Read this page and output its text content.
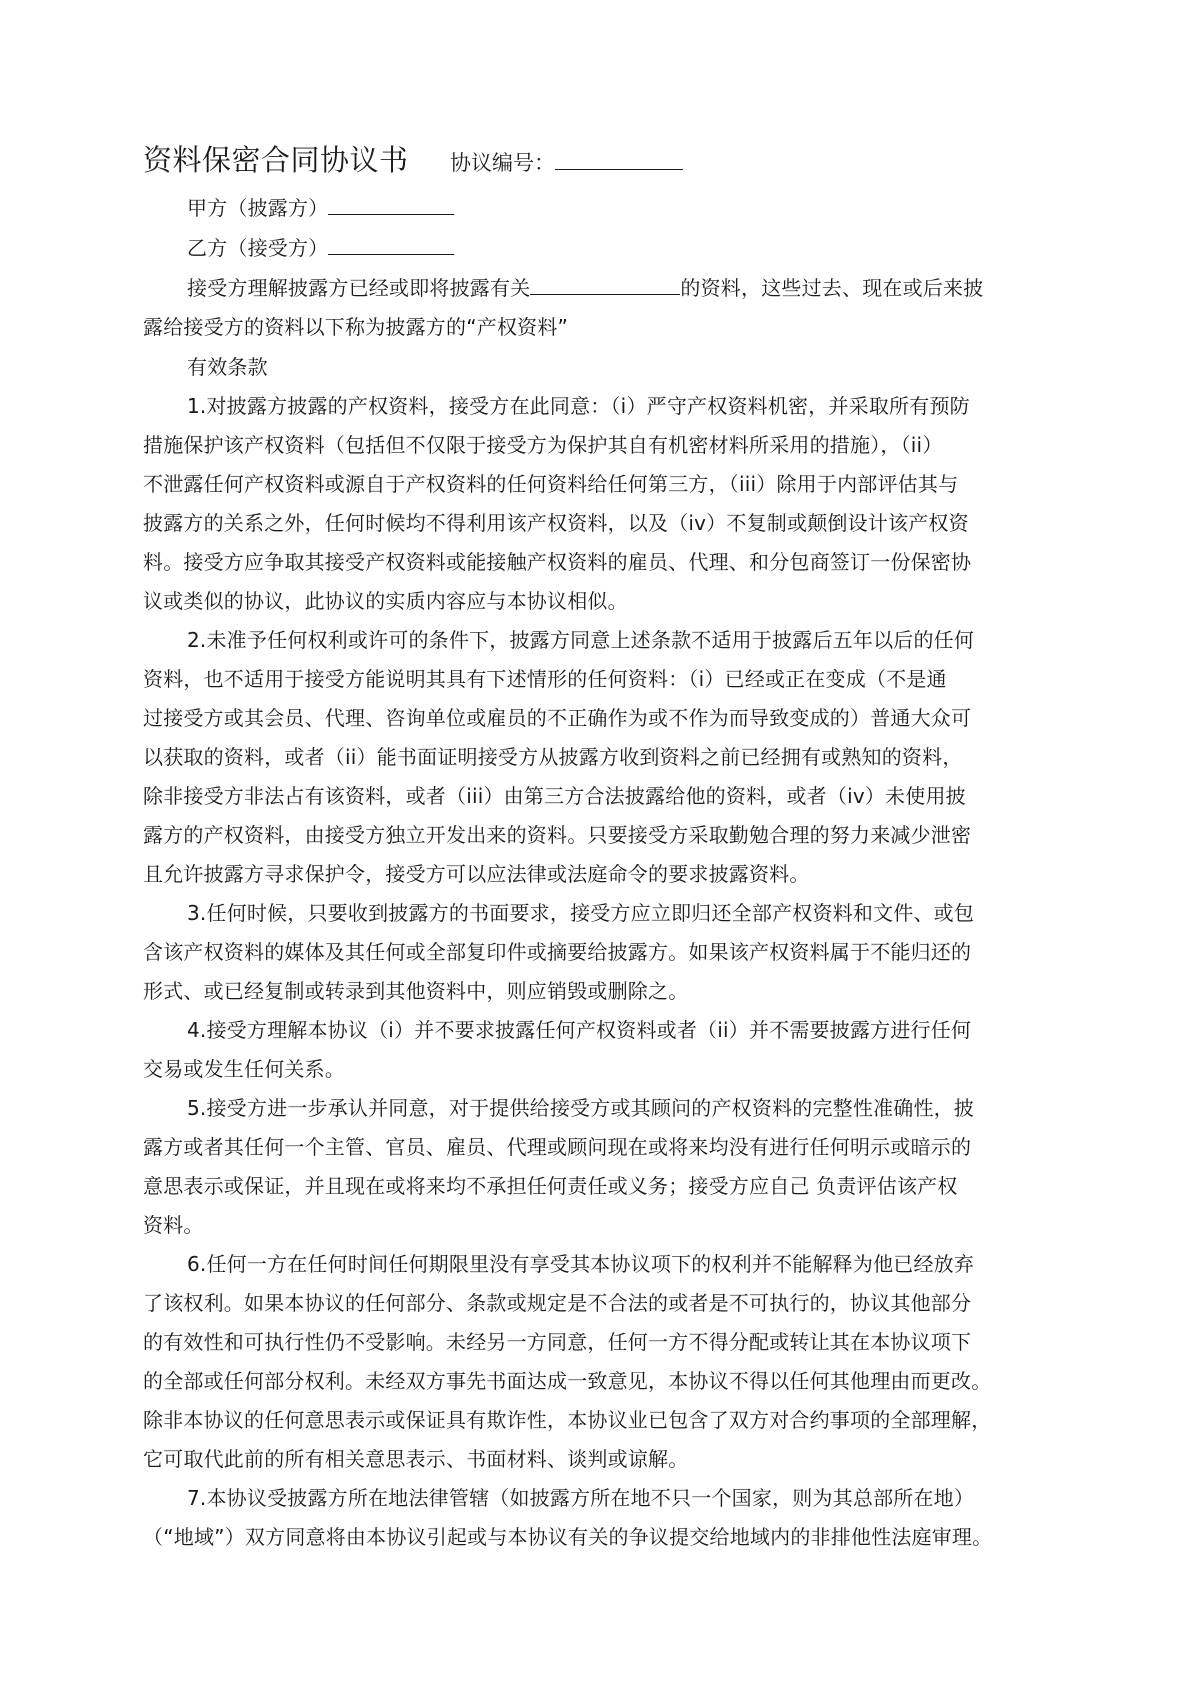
资料保密合同协议书 协议编号：
甲方（披露方）
乙方（接受方）
接受方理解披露方已经或即将披露有关	的资料，这些过去、现在或后来披
露给接受方的资料以下称为披露方的“产权资料”
有效条款
1.对披露方披露的产权资料，接受方在此同意：（i）严守产权资料机密，并采取所有预防
措施保护该产权资料（包括但不仅限于接受方为保护其自有机密材料所采用的措施），（ii）
不泄露任何产权资料或源自于产权资料的任何资料给任何第三方，（iii）除用于内部评估其与
披露方的关系之外，任何时候均不得利用该产权资料，以及（iv）不复制或颠倒设计该产权资
料。接受方应争取其接受产权资料或能接触产权资料的雇员、代理、和分包商签订一份保密协
议或类似的协议，此协议的实质内容应与本协议相似。
2.未准予任何权利或许可的条件下，披露方同意上述条款不适用于披露后五年以后的任何
资料，也不适用于接受方能说明其具有下述情形的任何资料：（i）已经或正在变成（不是通
过接受方或其会员、代理、咨询单位或雇员的不正确作为或不作为而导致变成的）普通大众可
以获取的资料，或者（ii）能书面证明接受方从披露方收到资料之前已经拥有或熟知的资料，
除非接受方非法占有该资料，或者（iii）由第三方合法披露给他的资料，或者（iv）未使用披
露方的产权资料，由接受方独立开发出来的资料。只要接受方采取勤勉合理的努力来减少泄密
且允许披露方寻求保护令，接受方可以应法律或法庭命令的要求披露资料。
3.任何时候，只要收到披露方的书面要求，接受方应立即归还全部产权资料和文件、或包
含该产权资料的媒体及其任何或全部复印件或摘要给披露方。如果该产权资料属于不能归还的
形式、或已经复制或转录到其他资料中，则应销毁或删除之。
4.接受方理解本协议（i）并不要求披露任何产权资料或者（ii）并不需要披露方进行任何
交易或发生任何关系。
5.接受方进一步承认并同意，对于提供给接受方或其顾问的产权资料的完整性准确性，披
露方或者其任何一个主管、官员、雇员、代理或顾问现在或将来均没有进行任何明示或暗示的
意思表示或保证，并且现在或将来均不承担任何责任或义务；接受方应自己 负责评估该产权
资料。
6.任何一方在任何时间任何期限里没有享受其本协议项下的权利并不能解释为他已经放弃
了该权利。如果本协议的任何部分、条款或规定是不合法的或者是不可执行的，协议其他部分
的有效性和可执行性仍不受影响。未经另一方同意，任何一方不得分配或转让其在本协议项下
的全部或任何部分权利。未经双方事先书面达成一致意见，本协议不得以任何其他理由而更改。
除非本协议的任何意思表示或保证具有欺诈性，本协议业已包含了双方对合约事项的全部理解，
它可取代此前的所有相关意思表示、书面材料、谈判或谅解。
7.本协议受披露方所在地法律管辖（如披露方所在地不只一个国家，则为其总部所在地）
（“地域”）双方同意将由本协议引起或与本协议有关的争议提交给地域内的非排他性法庭审理。
